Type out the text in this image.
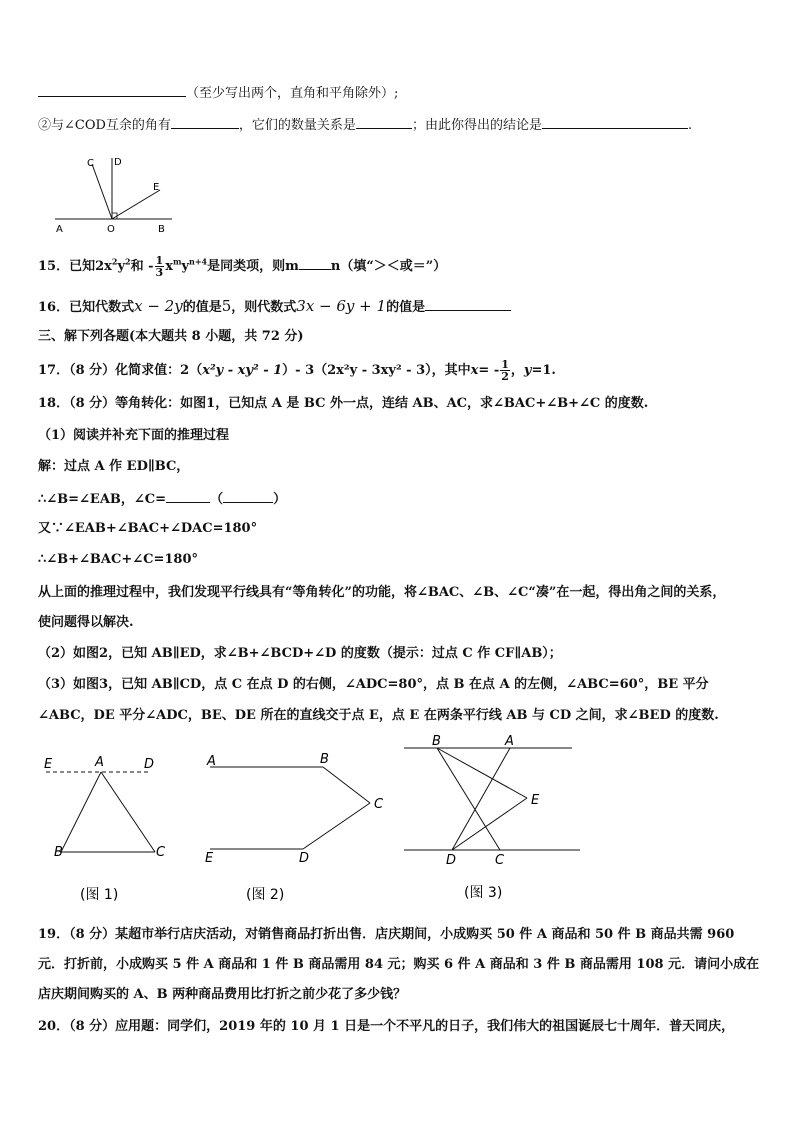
（至少写出两个，直角和平角除外）;
②与∠COD互余的角有	，它们的数量关系是	；由此你得出的结论是	.
C D
E
A	O	B
15．已知$2x^2y^2$和 - $\frac{1}{3} x^my^{n+4}$是同类项，则m n（填“＞＜或＝”）
16．已知代数式x − 2y的值是5，则代数式3x − 6y + 1的值是
三、解下列各题(本大题共 8 小题，共 72 分)
17．（8 分）化简求值：2（x²y - xy² - 1）- 3（2x²y - 3xy² - 3），其中$x= - \frac{1}{2}$ ，y=1.
18．（8 分）等角转化：如图1，已知点 A 是 BC 外一点，连结 AB、AC，求∠BAC+∠B+∠C 的度数.
（1）阅读并补充下面的推理过程
解：过点 A 作 ED∥BC，
∴∠B=∠EAB，∠C=	（	）
又∵∠EAB+∠BAC+∠DAC=180°
∴∠B+∠BAC+∠C=180°
从上面的推理过程中，我们发现平行线具有“等角转化”的功能，将∠BAC、∠B、∠C“凑”在一起，得出角之间的关系，
使问题得以解决.
（2）如图2，已知 AB∥ED，求∠B+∠BCD+∠D 的度数（提示：过点 C 作 CF∥AB）；
（3）如图3，已知 AB∥CD，点 C 在点 D 的右侧，∠ADC=80°，点 B 在点 A 的左侧，∠ABC=60°，BE 平分
∠ABC，DE 平分∠ADC，BE、DE 所在的直线交于点 E，点 E 在两条平行线 AB 与 CD 之间，求∠BED 的度数.
E	A	D
B	C
(图 1)
A	B
C
E	D
(图 2)
B	A
E
D	C
(图 3)
19．（8 分）某超市举行店庆活动，对销售商品打折出售．店庆期间，小成购买 50 件 A 商品和 50 件 B 商品共需 960
元．打折前，小成购买 5 件 A 商品和 1 件 B 商品需用 84 元；购买 6 件 A 商品和 3 件 B 商品需用 108 元．请问小成在
店庆期间购买的 A、B 两种商品费用比打折之前少花了多少钱？
20．（8 分）应用题：同学们，2019 年的 10 月 1 日是一个不平凡的日子，我们伟大的祖国诞辰七十周年．普天同庆，
